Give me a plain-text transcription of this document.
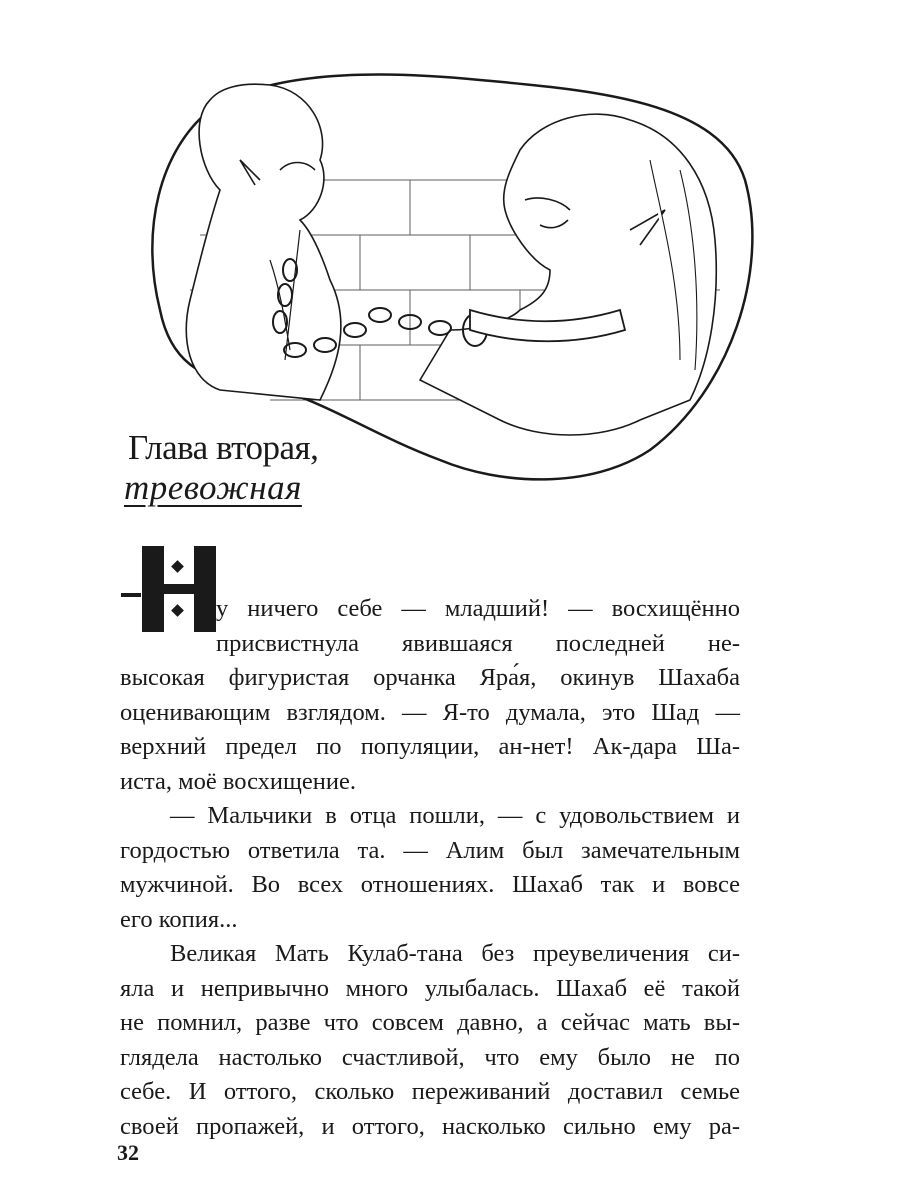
Глава вторая,
тревожная
у ничего себе — младший! — восхищённо
присвистнула явившаяся последней не-
высокая фигуристая орчанка Яра́я, окинув Шахаба
оценивающим взглядом. — Я-то думала, это Шад —
верхний предел по популяции, ан-нет! Ак-дара Ша-
иста, моё восхищение.
— Мальчики в отца пошли, — с удовольствием и
гордостью ответила та. — Алим был замечательным
мужчиной. Во всех отношениях. Шахаб так и вовсе
его копия...
Великая Мать Кулаб-тана без преувеличения си-
яла и непривычно много улыбалась. Шахаб её такой
не помнил, разве что совсем давно, а сейчас мать вы-
глядела настолько счастливой, что ему было не по
себе. И оттого, сколько переживаний доставил семье
своей пропажей, и оттого, насколько сильно ему ра-
32
